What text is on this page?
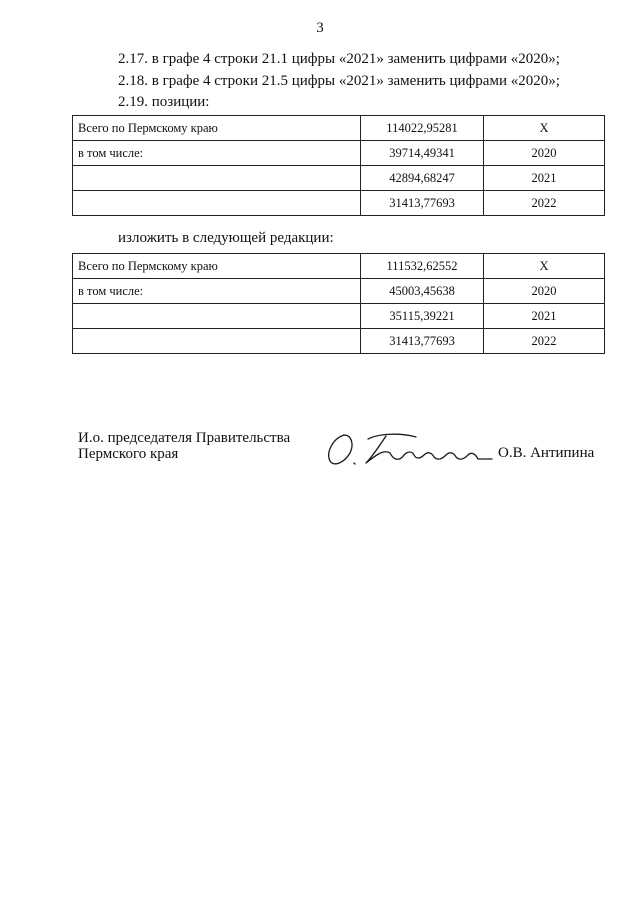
3
2.17. в графе 4 строки 21.1 цифры «2021» заменить цифрами «2020»;
2.18. в графе 4 строки 21.5 цифры «2021» заменить цифрами «2020»;
2.19. позиции:
Всего по Пермскому краю	114022,95281	X
в том числе:	39714,49341	2020
	42894,68247	2021
	31413,77693	2022
изложить в следующей редакции:
Всего по Пермскому краю	111532,62552	X
в том числе:	45003,45638	2020
	35115,39221	2021
	31413,77693	2022
И.о. председателя Правительства
Пермского края	О.В. Антипина
